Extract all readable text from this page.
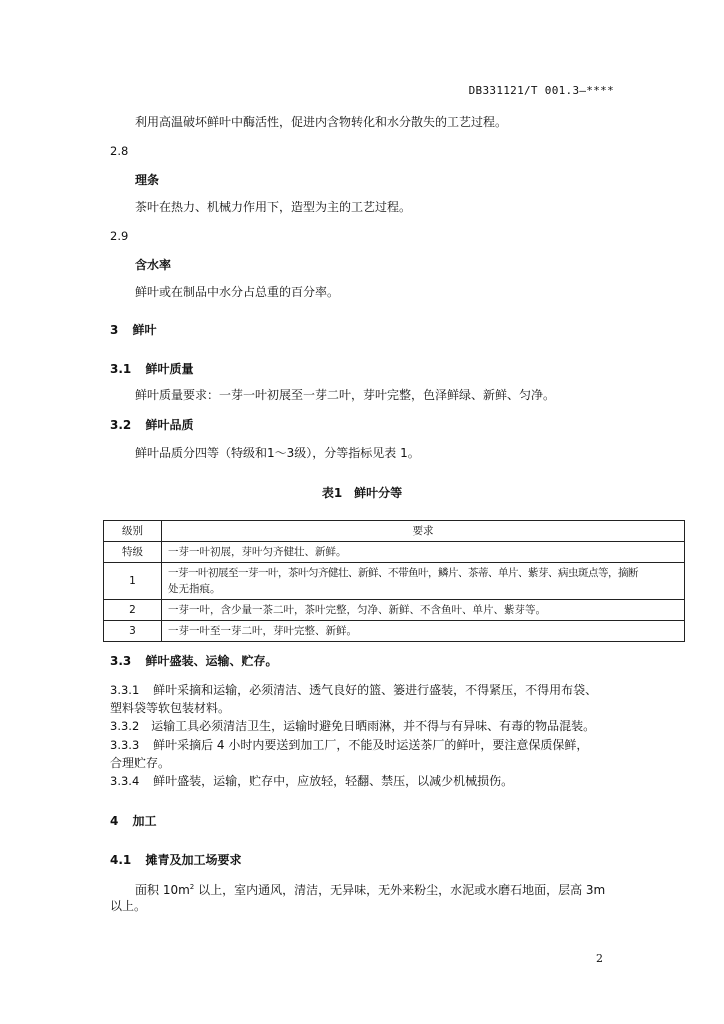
DB331121/T 001.3—****
利用高温破坏鲜叶中酶活性，促进内含物转化和水分散失的工艺过程。
2.8
理条
茶叶在热力、机械力作用下，造型为主的工艺过程。
2.9
含水率
鲜叶或在制品中水分占总重的百分率。
3 鲜叶
3.1 鲜叶质量
鲜叶质量要求：一芽一叶初展至一芽二叶，芽叶完整，色泽鲜绿、新鲜、匀净。
3.2 鲜叶品质
鲜叶品质分四等（特级和1～3级），分等指标见表 1。
表1　鲜叶分等
级别	要求
特级	一芽一叶初展，芽叶匀齐健壮、新鲜。
1	一芽一叶初展至一芽一叶，茶叶匀齐健壮、新鲜、不带鱼叶，鳞片、茶蒂、单片、紫芽、病虫斑点等，摘断
处无指痕。

2	一芽一叶，含少量一茶二叶，茶叶完整，匀净、新鲜、不含鱼叶、单片、紫芽等。
3	一芽一叶至一芽二叶，芽叶完整、新鲜。
3.3 鲜叶盛装、运输、贮存。
3.3.1 鲜叶采摘和运输，必须清洁、透气良好的篮、篓进行盛装，不得紧压，不得用布袋、
塑料袋等软包装材料。
3.3.2 运输工具必须清洁卫生，运输时避免日晒雨淋，并不得与有异味、有毒的物品混装。
3.3.3 鲜叶采摘后 4 小时内要送到加工厂，不能及时运送茶厂的鲜叶，要注意保质保鲜，
合理贮存。
3.3.4 鲜叶盛装，运输，贮存中，应放轻，轻翻、禁压，以减少机械损伤。
4 加工
4.1 摊青及加工场要求
面积 $10m^2$ 以上，室内通风，清洁，无异味，无外来粉尘，水泥或水磨石地面，层高 3m
以上。
2
